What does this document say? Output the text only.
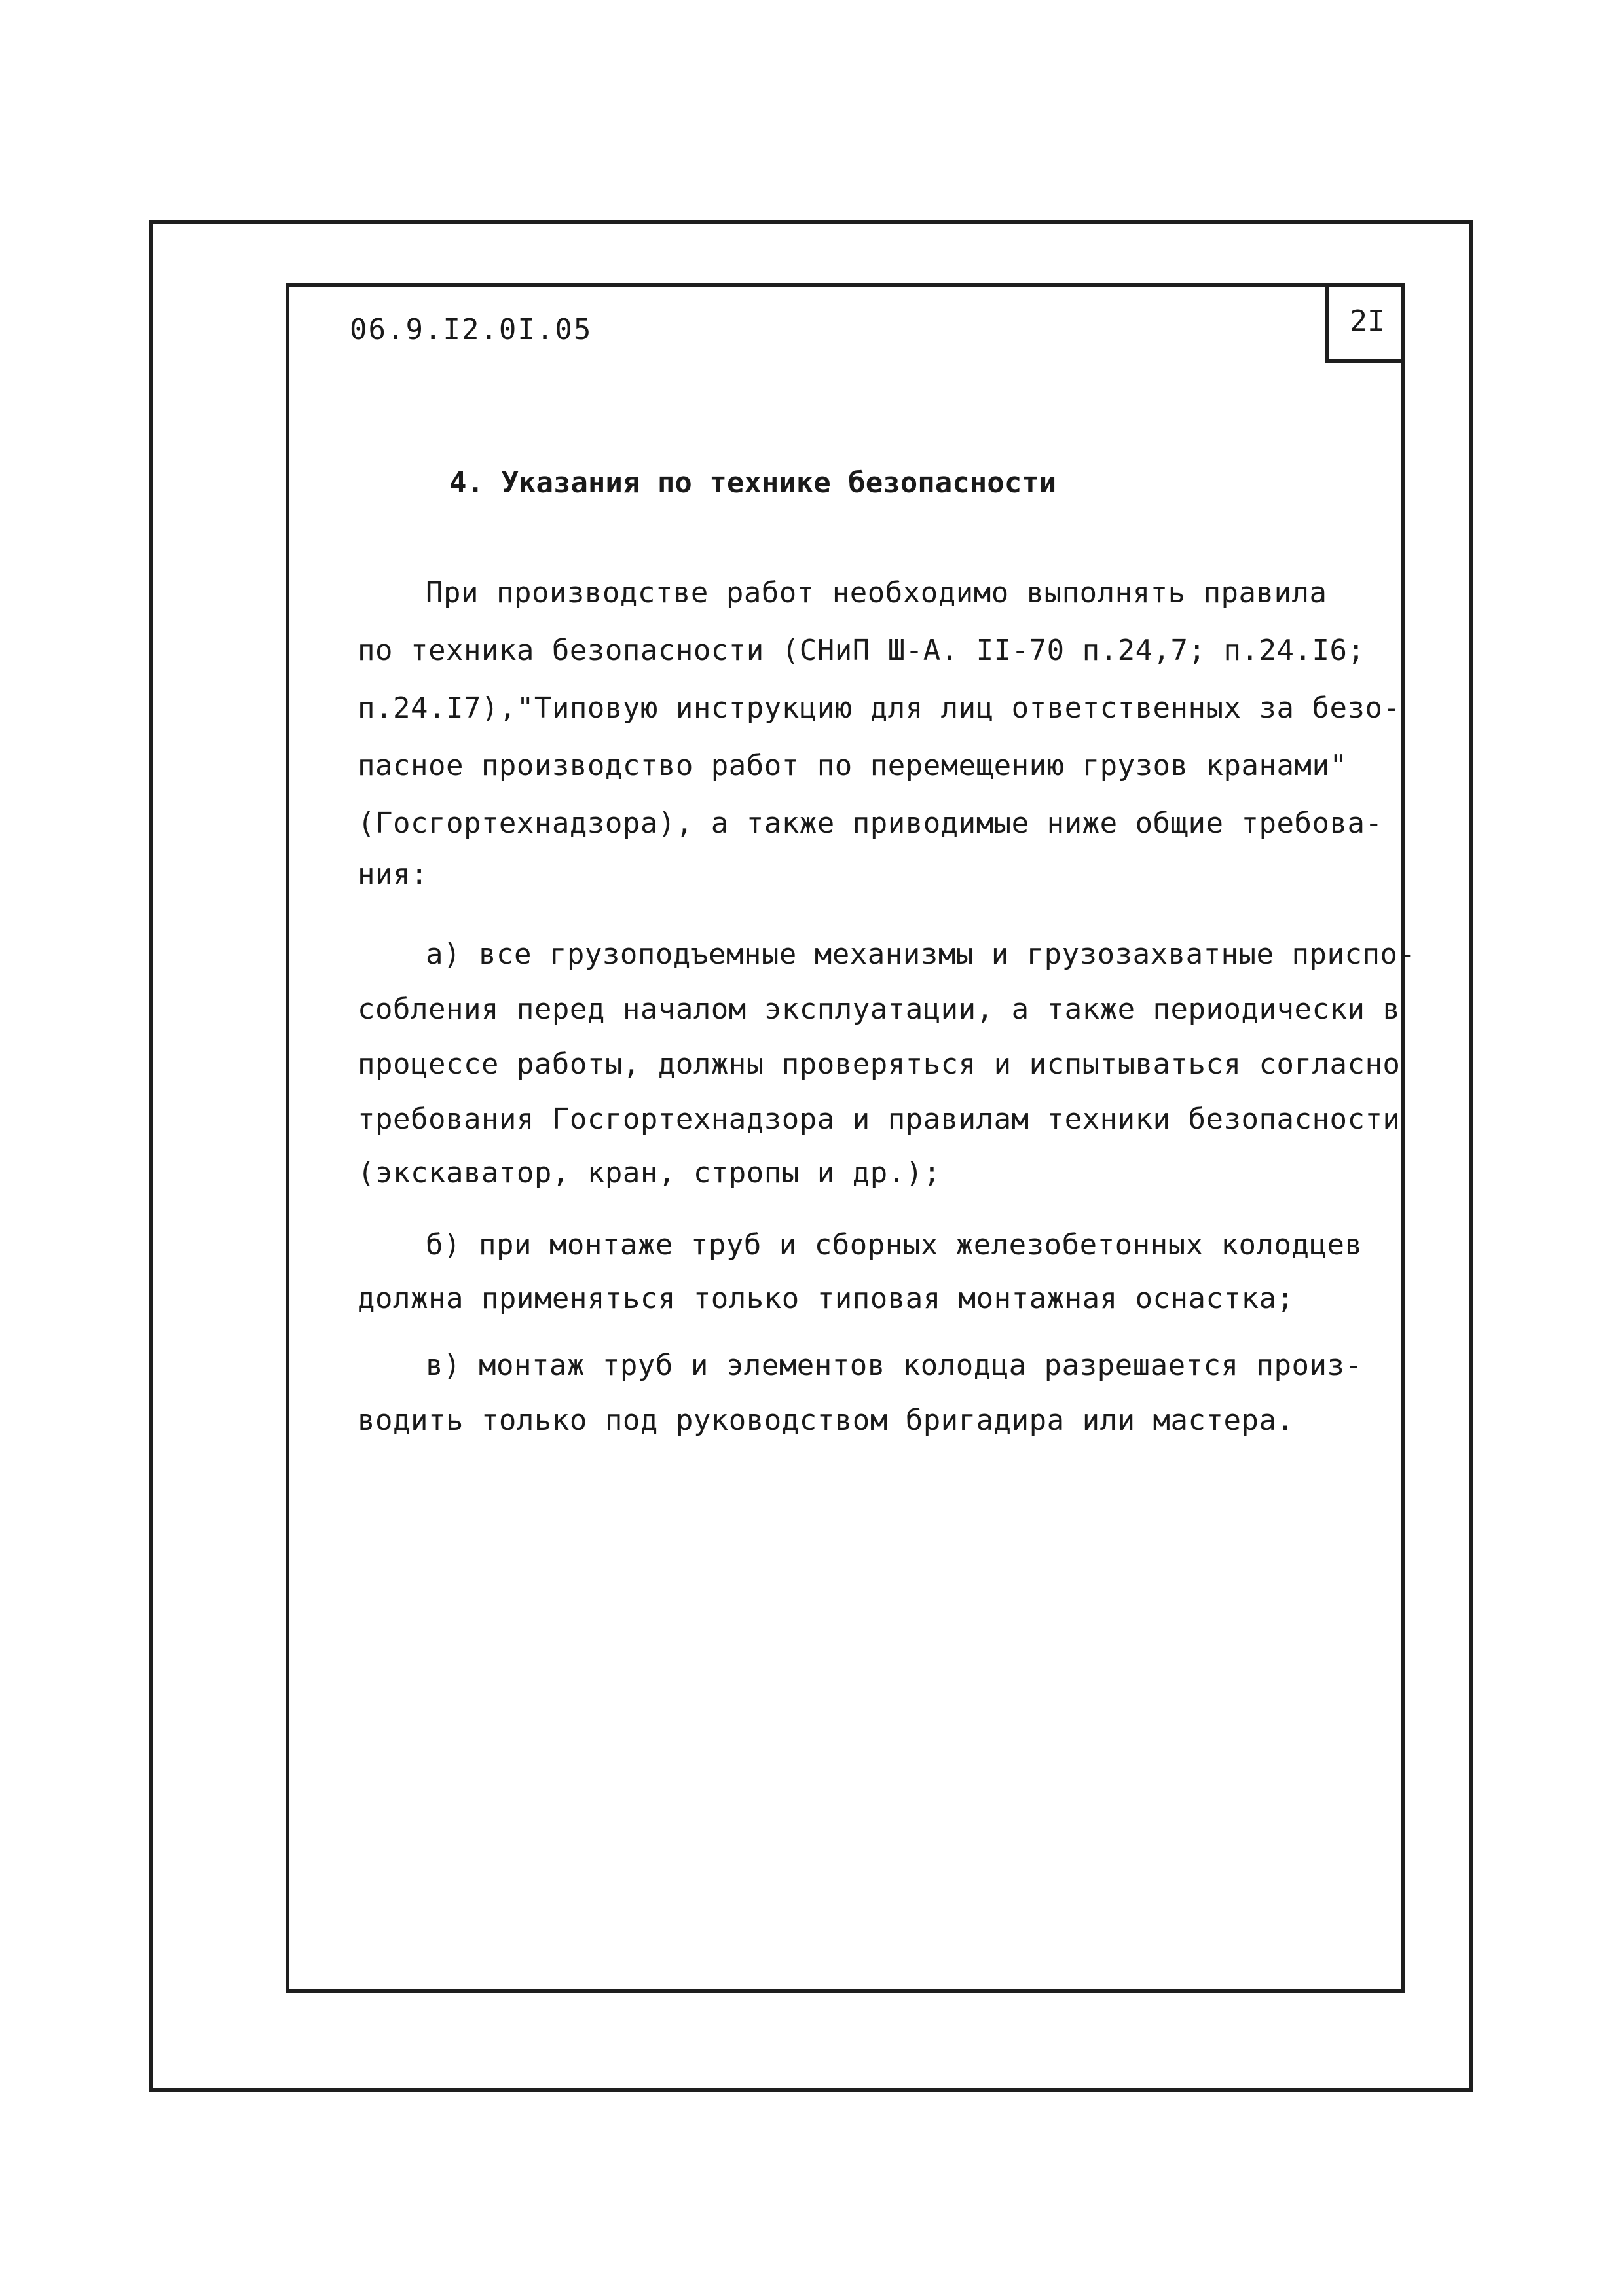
2I
06.9.I2.0I.05
4. Указания по технике безопасности
При производстве работ необходимо выполнять правила
по техника безопасности (СНиП Ш-А. II-70 п.24,7; п.24.I6;
п.24.I7),"Типовую инструкцию для лиц ответственных за безо-
пасное производство работ по перемещению грузов кранами"
(Госгортехнадзора), а также приводимые ниже общие требова-
ния:
а) все грузоподъемные механизмы и грузозахватные приспо-
собления перед началом эксплуатации, а также периодически в
процессе работы, должны проверяться и испытываться согласно
требования Госгортехнадзора и правилам техники безопасности
(экскаватор, кран, стропы и др.);
б) при монтаже труб и сборных железобетонных колодцев
должна применяться только типовая монтажная оснастка;
в) монтаж труб и элементов колодца разрешается произ-
водить только под руководством бригадира или мастера.
